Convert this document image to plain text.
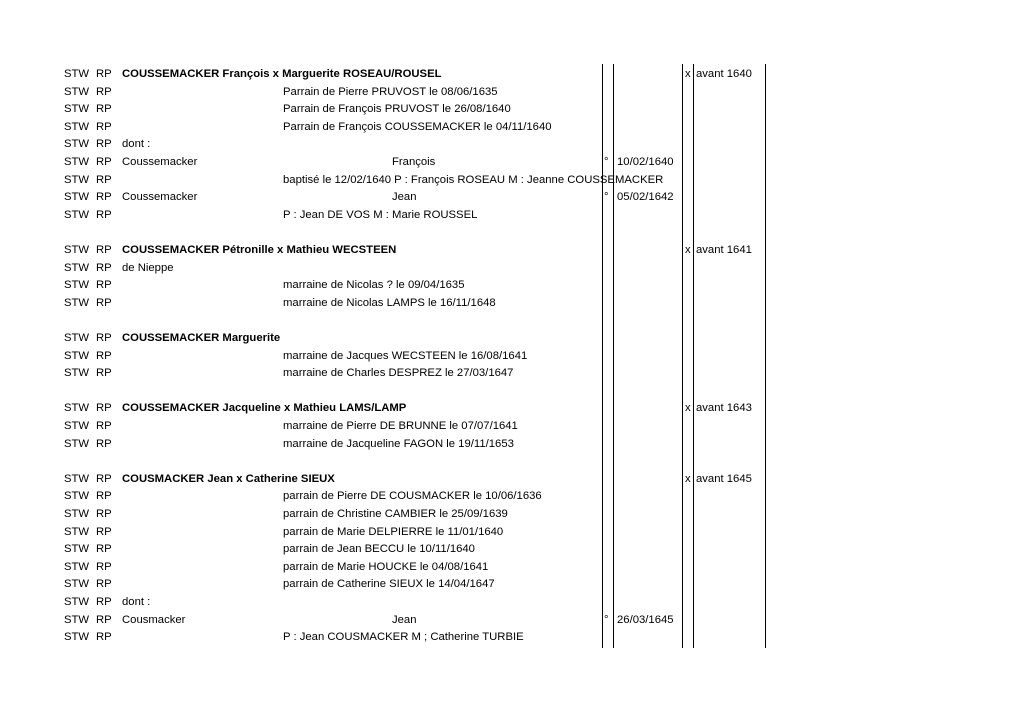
STW RP COUSSEMACKER François x Marguerite ROSEAU/ROUSEL	x avant 1640
STW RP	Parrain de Pierre PRUVOST le 08/06/1635
STW RP	Parrain de François PRUVOST le 26/08/1640
STW RP	Parrain de François COUSSEMACKER le 04/11/1640
STW RP dont :
STW RP Coussemacker	François	° 10/02/1640
STW RP	baptisé le 12/02/1640 P : François ROSEAU M : Jeanne COUSSEMACKER
STW RP Coussemacker	Jean	° 05/02/1642
STW RP	P : Jean DE VOS M : Marie ROUSSEL
STW RP COUSSEMACKER Pétronille x Mathieu WECSTEEN	x avant 1641
STW RP de Nieppe
STW RP	marraine de Nicolas ? le 09/04/1635
STW RP	marraine de Nicolas LAMPS le 16/11/1648
STW RP COUSSEMACKER Marguerite
STW RP	marraine de Jacques WECSTEEN le 16/08/1641
STW RP	marraine de Charles DESPREZ le 27/03/1647
STW RP COUSSEMACKER Jacqueline x Mathieu LAMS/LAMP	x avant 1643
STW RP	marraine de Pierre DE BRUNNE le 07/07/1641
STW RP	marraine de Jacqueline FAGON le 19/11/1653
STW RP COUSMACKER Jean x Catherine SIEUX	x avant 1645
STW RP	parrain de Pierre DE COUSMACKER le 10/06/1636
STW RP	parrain de Christine CAMBIER le 25/09/1639
STW RP	parrain de Marie DELPIERRE le 11/01/1640
STW RP	parrain de Jean BECCU le 10/11/1640
STW RP	parrain de Marie HOUCKE le 04/08/1641
STW RP	parrain de Catherine SIEUX le 14/04/1647
STW RP dont :
STW RP Cousmacker	Jean	° 26/03/1645
STW RP	P : Jean COUSMACKER M ; Catherine TURBIE
